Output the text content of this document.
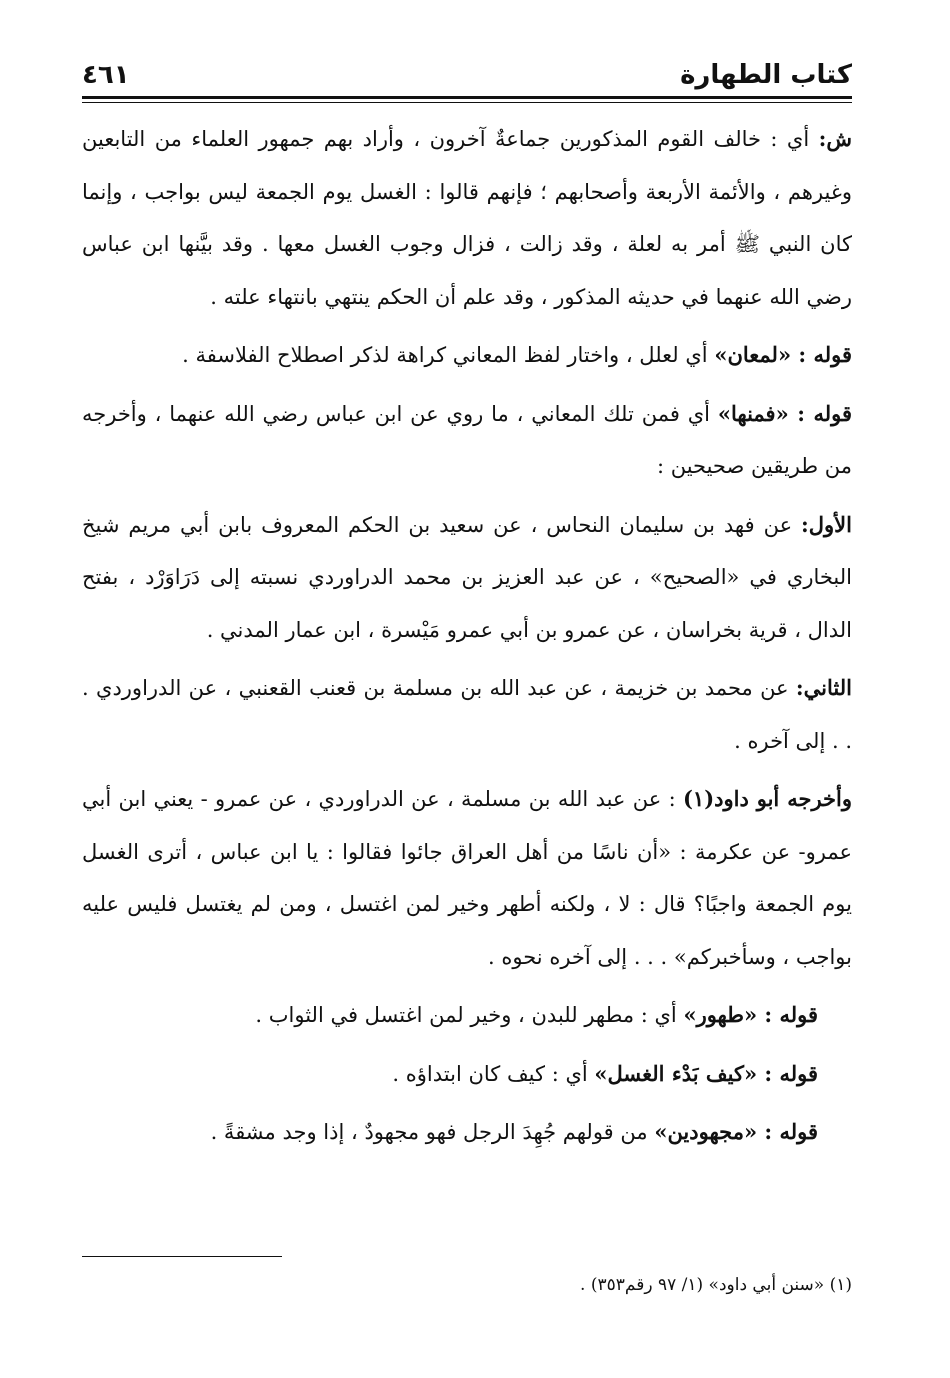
كتاب الطهارة
٤٦١

ش: أي : خالف القوم المذكورين جماعةٌ آخرون ، وأراد بهم جمهور العلماء من التابعين وغيرهم ، والأئمة الأربعة وأصحابهم ؛ فإنهم قالوا : الغسل يوم الجمعة ليس بواجب ، وإنما كان النبي ﷺ أمر به لعلة ، وقد زالت ، فزال وجوب الغسل معها . وقد بيَّنها ابن عباس رضي الله عنهما في حديثه المذكور ، وقد علم أن الحكم ينتهي بانتهاء علته .

قوله : «لمعان» أي لعلل ، واختار لفظ المعاني كراهة لذكر اصطلاح الفلاسفة .

قوله : «فمنها» أي فمن تلك المعاني ، ما روي عن ابن عباس رضي الله عنهما ، وأخرجه من طريقين صحيحين :

الأول: عن فهد بن سليمان النحاس ، عن سعيد بن الحكم المعروف بابن أبي مريم شيخ البخاري في «الصحيح» ، عن عبد العزيز بن محمد الدراوردي نسبته إلى دَرَاوَرْد ، بفتح الدال ، قرية بخراسان ، عن عمرو بن أبي عمرو مَيْسرة ، ابن عمار المدني .

الثاني: عن محمد بن خزيمة ، عن عبد الله بن مسلمة بن قعنب القعنبي ، عن الدراوردي . . . إلى آخره .

وأخرجه أبو داود(١) : عن عبد الله بن مسلمة ، عن الدراوردي ، عن عمرو - يعني ابن أبي عمرو- عن عكرمة : «أن ناسًا من أهل العراق جائوا فقالوا : يا ابن عباس ، أترى الغسل يوم الجمعة واجبًا؟ قال : لا ، ولكنه أطهر وخير لمن اغتسل ، ومن لم يغتسل فليس عليه بواجب ، وسأخبركم» . . . إلى آخره نحوه .

قوله : «طهور» أي : مطهر للبدن ، وخير لمن اغتسل في الثواب .

قوله : «كيف بَدْء الغسل» أي : كيف كان ابتداؤه .

قوله : «مجهودين» من قولهم جُهِدَ الرجل فهو مجهودٌ ، إذا وجد مشقةً .

(١) «سنن أبي داود» (١/ ٩٧ رقم٣٥٣) .
